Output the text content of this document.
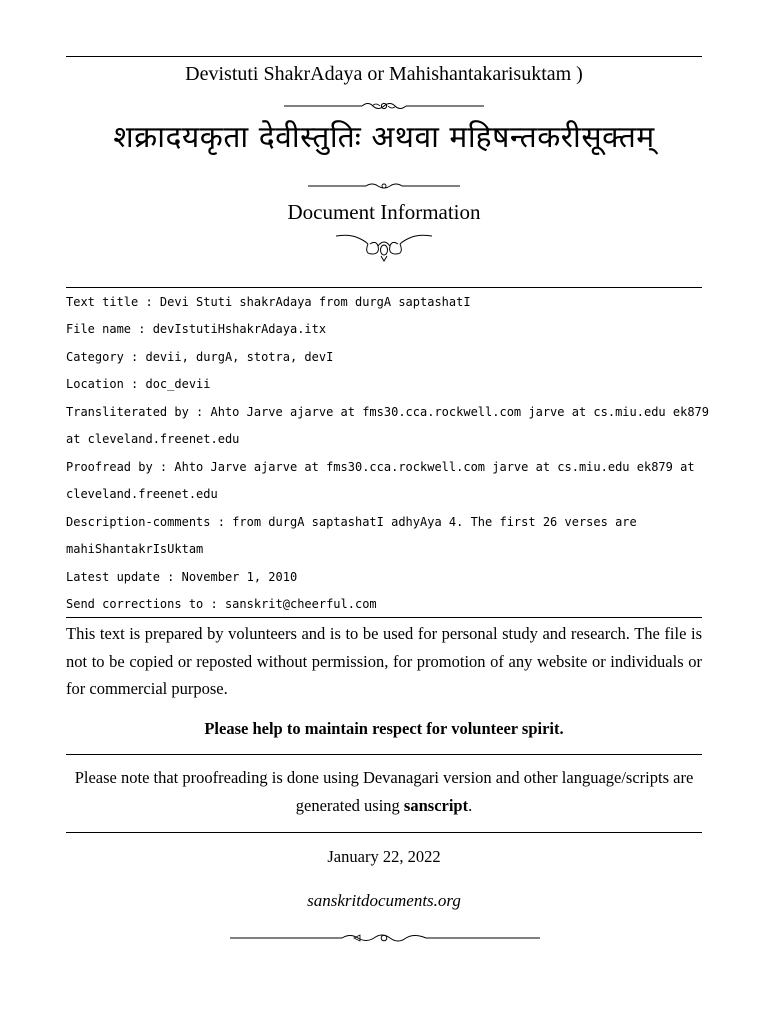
Devistuti ShakrAdaya or Mahishantakarisuktam )
शक्रादयकृता देवीस्तुतिः अथवा महिषन्तकरीसूक्तम्
Document Information
Text title : Devi Stuti shakrAdaya from durgA saptashatI
File name : devIstutiHshakrAdaya.itx
Category : devii, durgA, stotra, devI
Location : doc_devii
Transliterated by : Ahto Jarve ajarve at fms30.cca.rockwell.com jarve at cs.miu.edu ek879
at cleveland.freenet.edu
Proofread by : Ahto Jarve ajarve at fms30.cca.rockwell.com jarve at cs.miu.edu ek879 at
cleveland.freenet.edu
Description-comments : from durgA saptashatI adhyAya 4. The first 26 verses are
mahiShantakrIsUktam
Latest update : November 1, 2010
Send corrections to : sanskrit@cheerful.com
This text is prepared by volunteers and is to be used for personal study and research. The file is not to be copied or reposted without permission, for promotion of any website or individuals or for commercial purpose.
Please help to maintain respect for volunteer spirit.
Please note that proofreading is done using Devanagari version and other language/scripts are generated using sanscript.
January 22, 2022
sanskritdocuments.org
